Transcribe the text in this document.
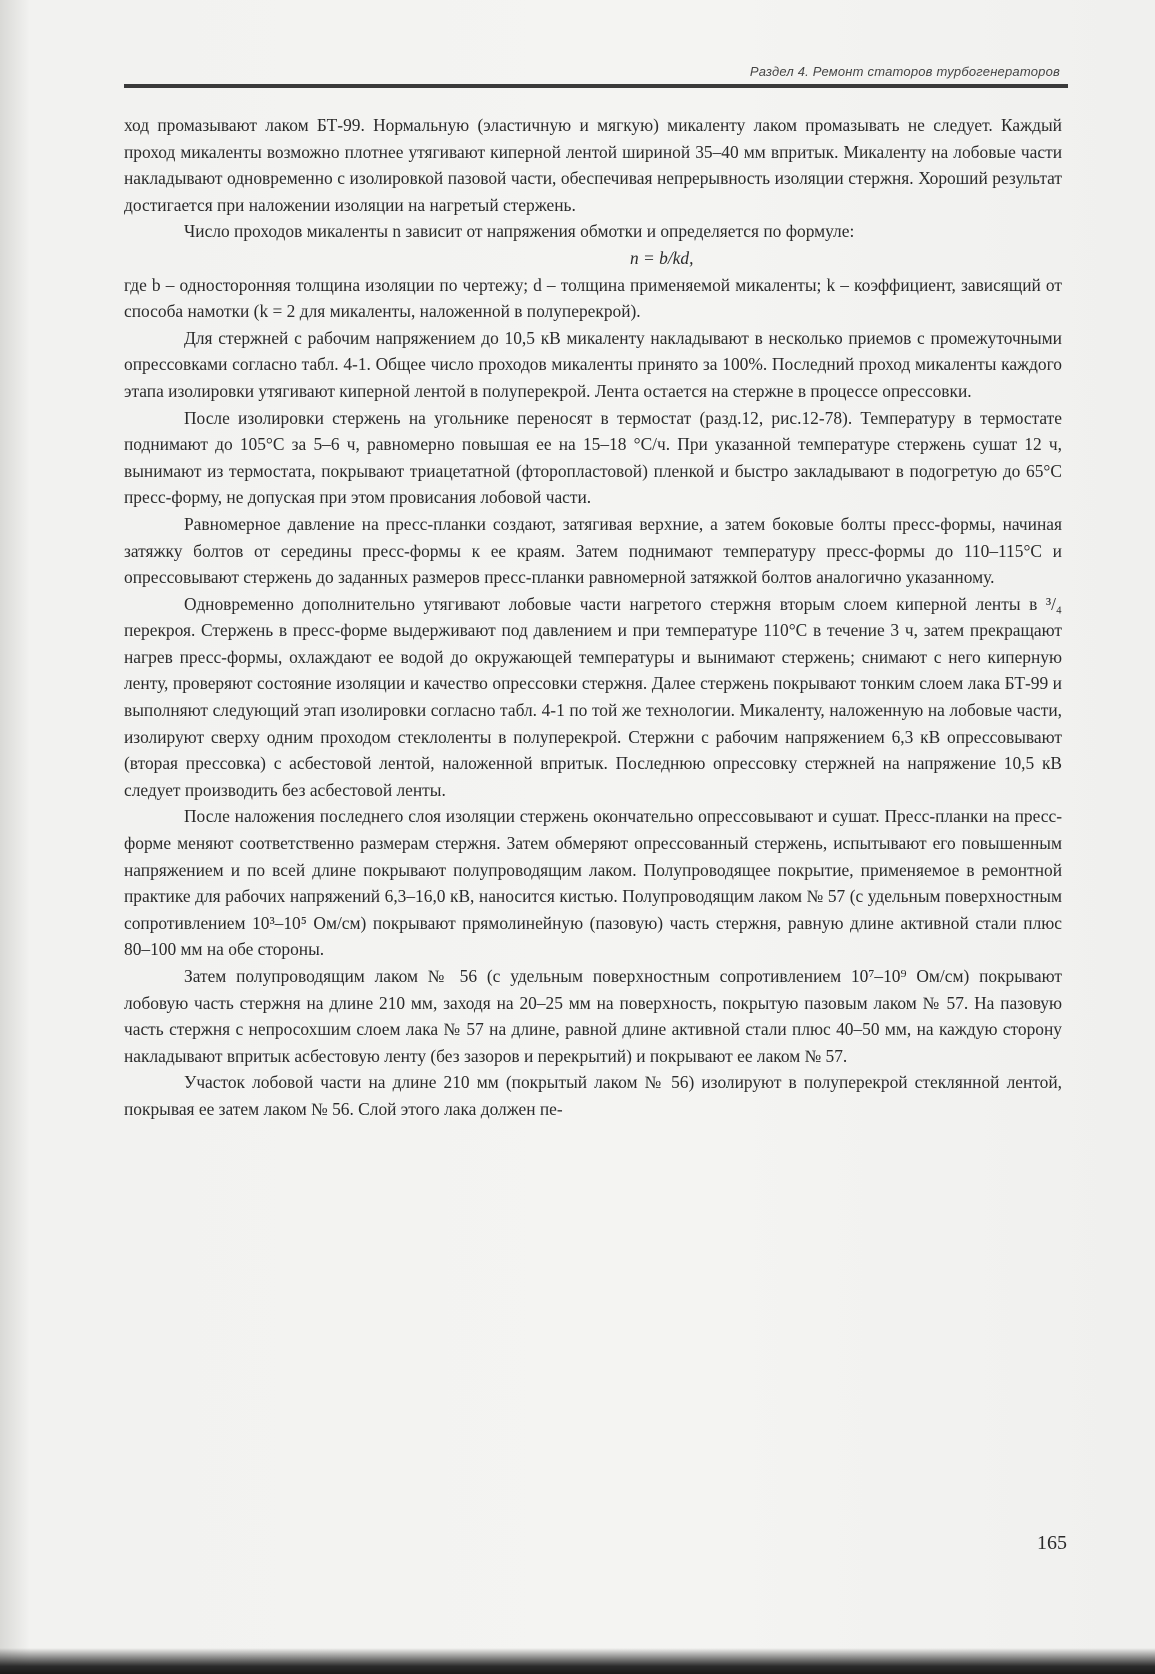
Раздел 4. Ремонт статоров турбогенераторов

ход промазывают лаком БТ-99. Нормальную (эластичную и мягкую) микаленту лаком промазывать не следует. Каждый проход микаленты возможно плотнее утягивают киперной лентой шириной 35–40 мм впритык. Микаленту на лобовые части накладывают одновременно с изолировкой пазовой части, обеспечивая непрерывность изоляции стержня. Хороший результат достигается при наложении изоляции на нагретый стержень.

Число проходов микаленты n зависит от напряжения обмотки и определяется по формуле:

n = b/kd,

где b – односторонняя толщина изоляции по чертежу; d – толщина применяемой микаленты; k – коэффициент, зависящий от способа намотки (k = 2 для микаленты, наложенной в полуперекрой).

Для стержней с рабочим напряжением до 10,5 кВ микаленту накладывают в несколько приемов с промежуточными опрессовками согласно табл. 4-1. Общее число проходов микаленты принято за 100%. Последний проход микаленты каждого этапа изолировки утягивают киперной лентой в полуперекрой. Лента остается на стержне в процессе опрессовки.

После изолировки стержень на угольнике переносят в термостат (разд.12, рис.12-78). Температуру в термостате поднимают до 105°С за 5–6 ч, равномерно повышая ее на 15–18 °С/ч. При указанной температуре стержень сушат 12 ч, вынимают из термостата, покрывают триацетатной (фторопластовой) пленкой и быстро закладывают в подогретую до 65°С пресс-форму, не допуская при этом провисания лобовой части.

Равномерное давление на пресс-планки создают, затягивая верхние, а затем боковые болты пресс-формы, начиная затяжку болтов от середины пресс-формы к ее краям. Затем поднимают температуру пресс-формы до 110–115°С и опрессовывают стержень до заданных размеров пресс-планки равномерной затяжкой болтов аналогично указанному.

Одновременно дополнительно утягивают лобовые части нагретого стержня вторым слоем киперной ленты в ³/₄ перекроя. Стержень в пресс-форме выдерживают под давлением и при температуре 110°С в течение 3 ч, затем прекращают нагрев пресс-формы, охлаждают ее водой до окружающей температуры и вынимают стержень; снимают с него киперную ленту, проверяют состояние изоляции и качество опрессовки стержня. Далее стержень покрывают тонким слоем лака БТ-99 и выполняют следующий этап изолировки согласно табл. 4-1 по той же технологии. Микаленту, наложенную на лобовые части, изолируют сверху одним проходом стеклоленты в полуперекрой. Стержни с рабочим напряжением 6,3 кВ опрессовывают (вторая прессовка) с асбестовой лентой, наложенной впритык. Последнюю опрессовку стержней на напряжение 10,5 кВ следует производить без асбестовой ленты.

После наложения последнего слоя изоляции стержень окончательно опрессовывают и сушат. Пресс-планки на пресс-форме меняют соответственно размерам стержня. Затем обмеряют опрессованный стержень, испытывают его повышенным напряжением и по всей длине покрывают полупроводящим лаком. Полупроводящее покрытие, применяемое в ремонтной практике для рабочих напряжений 6,3–16,0 кВ, наносится кистью. Полупроводящим лаком № 57 (с удельным поверхностным сопротивлением 10³–10⁵ Ом/см) покрывают прямолинейную (пазовую) часть стержня, равную длине активной стали плюс 80–100 мм на обе стороны.

Затем полупроводящим лаком № 56 (с удельным поверхностным сопротивлением 10⁷–10⁹ Ом/см) покрывают лобовую часть стержня на длине 210 мм, заходя на 20–25 мм на поверхность, покрытую пазовым лаком № 57. На пазовую часть стержня с непросохшим слоем лака № 57 на длине, равной длине активной стали плюс 40–50 мм, на каждую сторону накладывают впритык асбестовую ленту (без зазоров и перекрытий) и покрывают ее лаком № 57.

Участок лобовой части на длине 210 мм (покрытый лаком № 56) изолируют в полуперекрой стеклянной лентой, покрывая ее затем лаком № 56. Слой этого лака должен пе-

165
